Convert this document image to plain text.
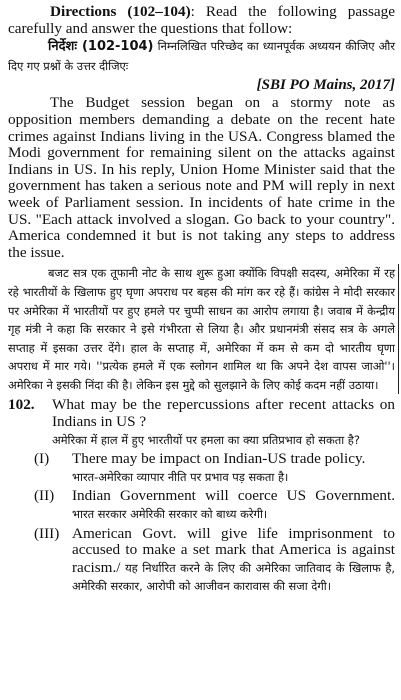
Directions (102–104): Read the following passage carefully and answer the questions that follow:
निर्देशः (102-104) निम्नलिखित परिच्छेद का ध्यानपूर्वक अध्ययन कीजिए और दिए गए प्रश्नों के उत्तर दीजिएः
[SBI PO Mains, 2017]
The Budget session began on a stormy note as opposition members demanding a debate on the recent hate crimes against Indians living in the USA. Congress blamed the Modi government for remaining silent on the attacks against Indians in US. In his reply, Union Home Minister said that the government has taken a serious note and PM will reply in next week of Parliament session. In incidents of hate crime in the US. "Each attack involved a slogan. Go back to your country". America condemned it but is not taking any steps to address the issue.
बजट सत्र एक तूफानी नोट के साथ शुरू हुआ क्योंकि विपक्षी सदस्य, अमेरिका में रह रहे भारतीयों के खिलाफ हुए घृणा अपराध पर बहस की मांग कर रहे हैं। कांग्रेस ने मोदी सरकार पर अमेरिका में भारतीयों पर हुए हमले पर चुप्पी साधन का आरोप लगाया है। जवाब में केन्द्रीय गृह मंत्री ने कहा कि सरकार ने इसे गंभीरता से लिया है। और प्रधानमंत्री संसद सत्र के अगले सप्ताह में इसका उत्तर देंगे। हाल के सप्ताह में, अमेरिका में कम से कम दो भारतीय घृणा अपराध में मार गये। ''प्रत्येक हमले में एक स्लोगन शामिल था कि अपने देश वापस जाओ''। अमेरिका ने इसकी निंदा की है। लेकिन इस मुद्दे को सुलझाने के लिए कोई कदम नहीं उठाया।
102.	What may be the repercussions after recent attacks on Indians in US ?
अमेरिका में हाल में हुए भारतीयों पर हमला का क्या प्रतिप्रभाव हो सकता है?
(I)	There may be impact on Indian-US trade policy.
भारत-अमेरिका व्यापार नीति पर प्रभाव पड़ सकता है।
(II)	Indian Government will coerce US Government.
भारत सरकार अमेरिकी सरकार को बाध्य करेगी।
(III) American Govt. will give life imprisonment to accused to make a set mark that America is against racism./ यह निर्धारित करने के लिए की अमेरिका जातिवाद के खिलाफ है, अमेरिकी सरकार, आरोपी को आजीवन कारावास की सजा देगी।
